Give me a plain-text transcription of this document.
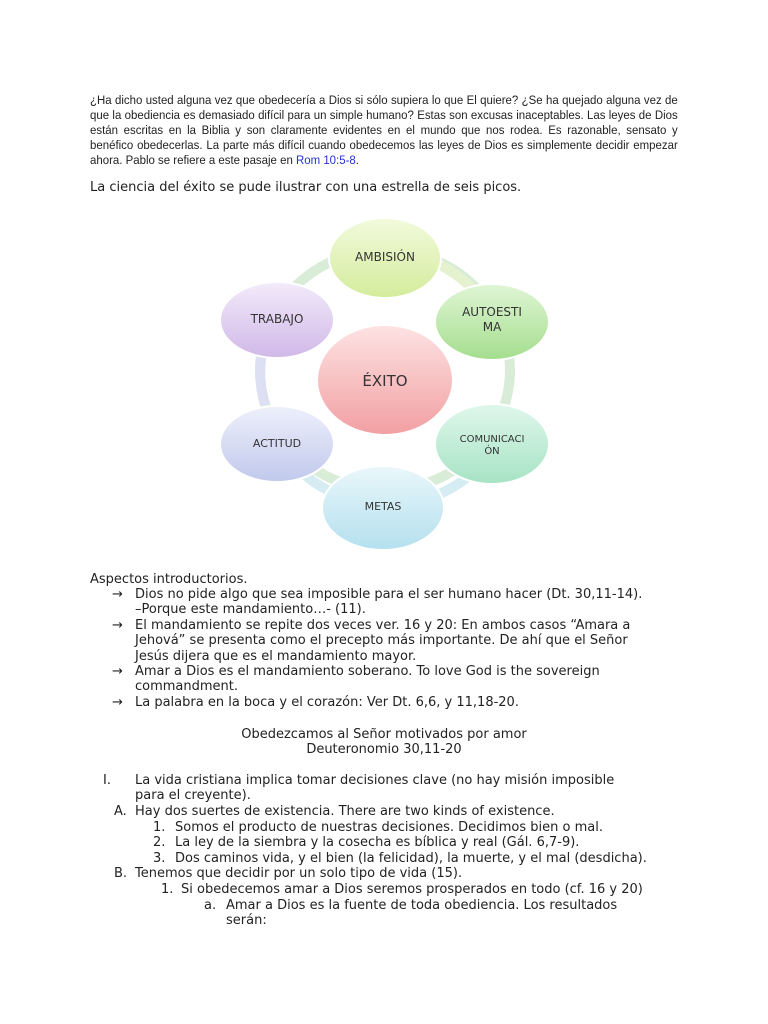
¿Ha dicho usted alguna vez que obedecería a Dios si sólo supiera lo que El quiere? ¿Se ha quejado alguna vez de que la obediencia es demasiado difícil para un simple humano? Estas son excusas inaceptables. Las leyes de Dios están escritas en la Biblia y son claramente evidentes en el mundo que nos rodea. Es razonable, sensato y benéfico obedecerlas. La parte más difícil cuando obedecemos las leyes de Dios es simplemente decidir empezar ahora. Pablo se refiere a este pasaje en Rom 10:5-8.
La ciencia del éxito se pude ilustrar con una estrella de seis picos.
ÉXITO
AMBISIÓN
AUTOESTI
MA
COMUNICACI
ÓN
METAS
ACTITUD
TRABAJO
Aspectos introductorios.
→ Dios no pide algo que sea imposible para el ser humano hacer (Dt. 30,11-14).
–Porque este mandamiento…- (11).
→ El mandamiento se repite dos veces ver. 16 y 20: En ambos casos “Amara a
Jehová” se presenta como el precepto más importante. De ahí que el Señor
Jesús dijera que es el mandamiento mayor.
→ Amar a Dios es el mandamiento soberano. To love God is the sovereign
commandment.
→ La palabra en la boca y el corazón: Ver Dt. 6,6, y 11,18-20.
Obedezcamos al Señor motivados por amor
Deuteronomio 30,11-20
I. La vida cristiana implica tomar decisiones clave (no hay misión imposible
para el creyente).
A. Hay dos suertes de existencia. There are two kinds of existence.
1. Somos el producto de nuestras decisiones. Decidimos bien o mal.
2. La ley de la siembra y la cosecha es bíblica y real (Gál. 6,7-9).
3. Dos caminos vida, y el bien (la felicidad), la muerte, y el mal (desdicha).
B. Tenemos que decidir por un solo tipo de vida (15).
1. Si obedecemos amar a Dios seremos prosperados en todo (cf. 16 y 20)
a. Amar a Dios es la fuente de toda obediencia. Los resultados
serán:
